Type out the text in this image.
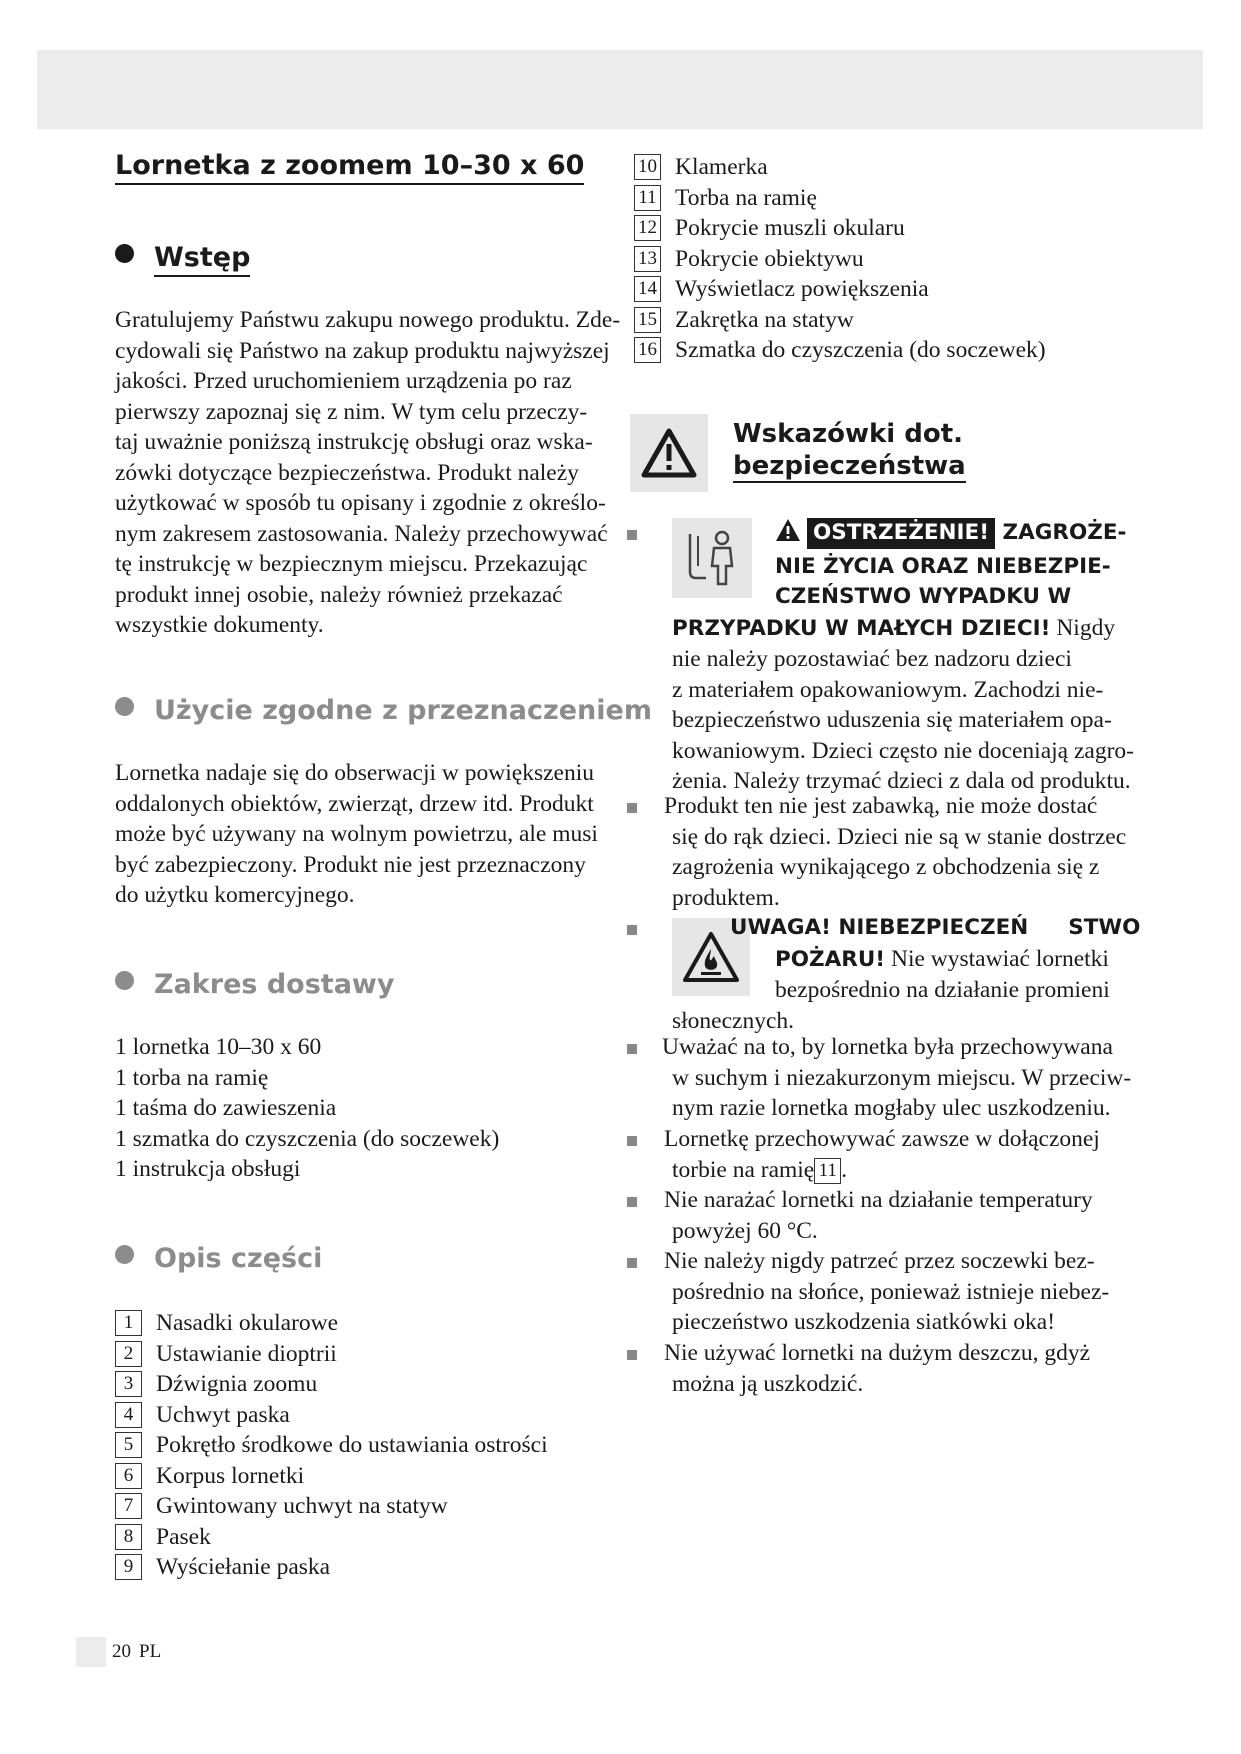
Lornetka z zoomem 10–30 x 60
Wstęp

Gratulujemy Państwu zakupu nowego produktu. Zde-

cydowali się Państwo na zakup produktu najwyższej

jakości. Przed uruchomieniem urządzenia po raz

pierwszy zapoznaj się z nim. W tym celu przeczy-

taj uważnie poniższą instrukcję obsługi oraz wska-

zówki dotyczące bezpieczeństwa. Produkt należy

użytkować w sposób tu opisany i zgodnie z określo-

nym zakresem zastosowania. Należy przechowywać

tę instrukcję w bezpiecznym miejscu. Przekazując

produkt innej osobie, należy również przekazać

wszystkie dokumenty.

Użycie zgodne z przeznaczeniem

Lornetka nadaje się do obserwacji w powiększeniu

oddalonych obiektów, zwierząt, drzew itd. Produkt

może być używany na wolnym powietrzu, ale musi

być zabezpieczony. Produkt nie jest przeznaczony

do użytku komercyjnego.

Zakres dostawy

1 lornetka 10–30 x 60

1 torba na ramię

1 taśma do zawieszenia

1 szmatka do czyszczenia (do soczewek)

1 instrukcja obsługi

Opis części
1 Nasadki okularowe
2 Ustawianie dioptrii
3 Dźwignia zoomu
4 Uchwyt paska
5 Pokrętło środkowe do ustawiania ostrości
6 Korpus lornetki
7 Gwintowany uchwyt na statyw
8 Pasek
9 Wyściełanie paska
10 Klamerka
11 Torba na ramię
12 Pokrycie muszli okularu
13 Pokrycie obiektywu
14 Wyświetlacz powiększenia
15 Zakrętka na statyw
16 Szmatka do czyszczenia (do soczewek)
Wskazówki dot.
bezpieczeństwa

OSTRZEŻENIE! ZAGROŻE-

NIE ŻYCIA ORAZ NIEBEZPIE-

CZEŃSTWO WYPADKU W

PRZYPADKU W MAŁYCH DZIECI! Nigdy

nie należy pozostawiać bez nadzoru dzieci

z materiałem opakowaniowym. Zachodzi nie-

bezpieczeństwo uduszenia się materiałem opa-

kowaniowym. Dzieci często nie doceniają zagro-

żenia. Należy trzymać dzieci z dala od produktu.

Produkt ten nie jest zabawką, nie może dostać

się do rąk dzieci. Dzieci nie są w stanie dostrzec

zagrożenia wynikającego z obchodzenia się z

produktem.

UWAGA! NIEBEZPIECZEŃ STWO

POŻARU! Nie wystawiać lornetki

bezpośrednio na działanie promieni

słonecznych.

Uważać na to, by lornetka była przechowywana

w suchym i niezakurzonym miejscu. W przeciw-

nym razie lornetka mogłaby ulec uszkodzeniu.

Lornetkę przechowywać zawsze w dołączonej

torbie na ramię 11 .

Nie narażać lornetki na działanie temperatury

powyżej 60 °C.

Nie należy nigdy patrzeć przez soczewki bez-

pośrednio na słońce, ponieważ istnieje niebez-

pieczeństwo uszkodzenia siatkówki oka!

Nie używać lornetki na dużym deszczu, gdyż

można ją uszkodzić.

20 PL
